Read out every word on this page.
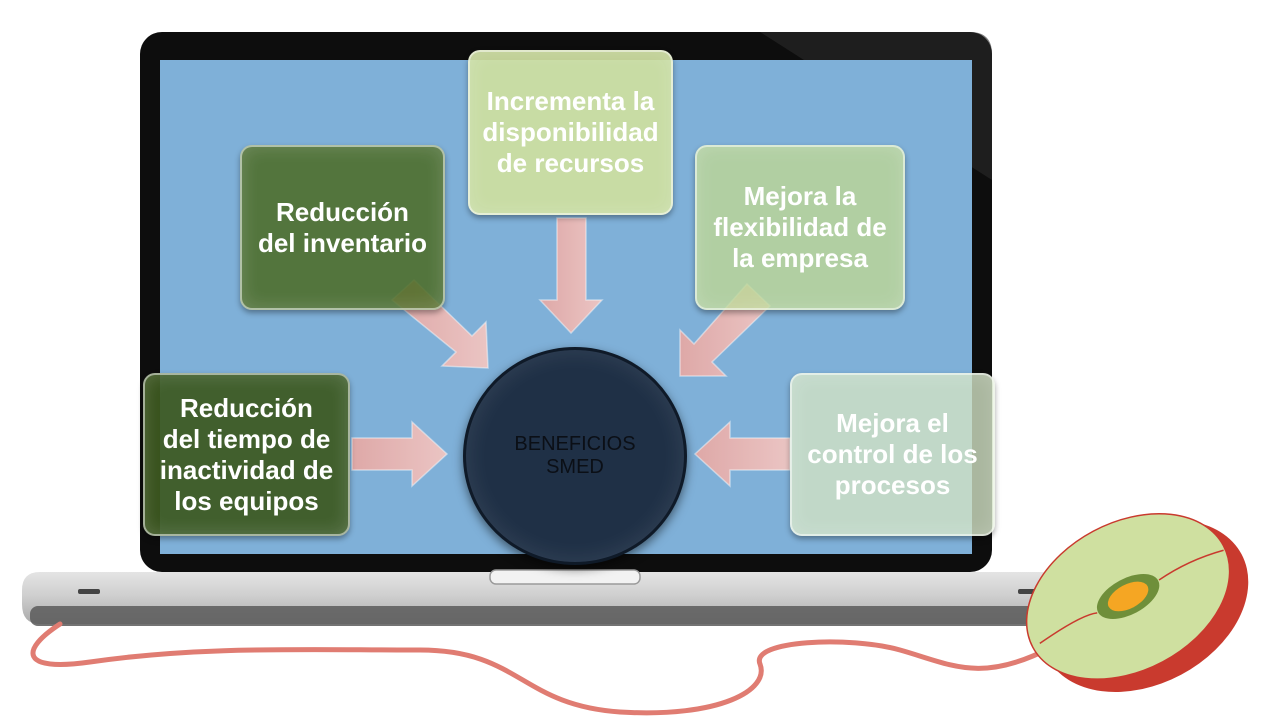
Incrementa la
disponibilidad
de recursos
Reducción
del inventario
Mejora la
flexibilidad de
la empresa
Reducción
del tiempo de
inactividad de
los equipos
Mejora el
control de los
procesos
BENEFICIOS
SMED
